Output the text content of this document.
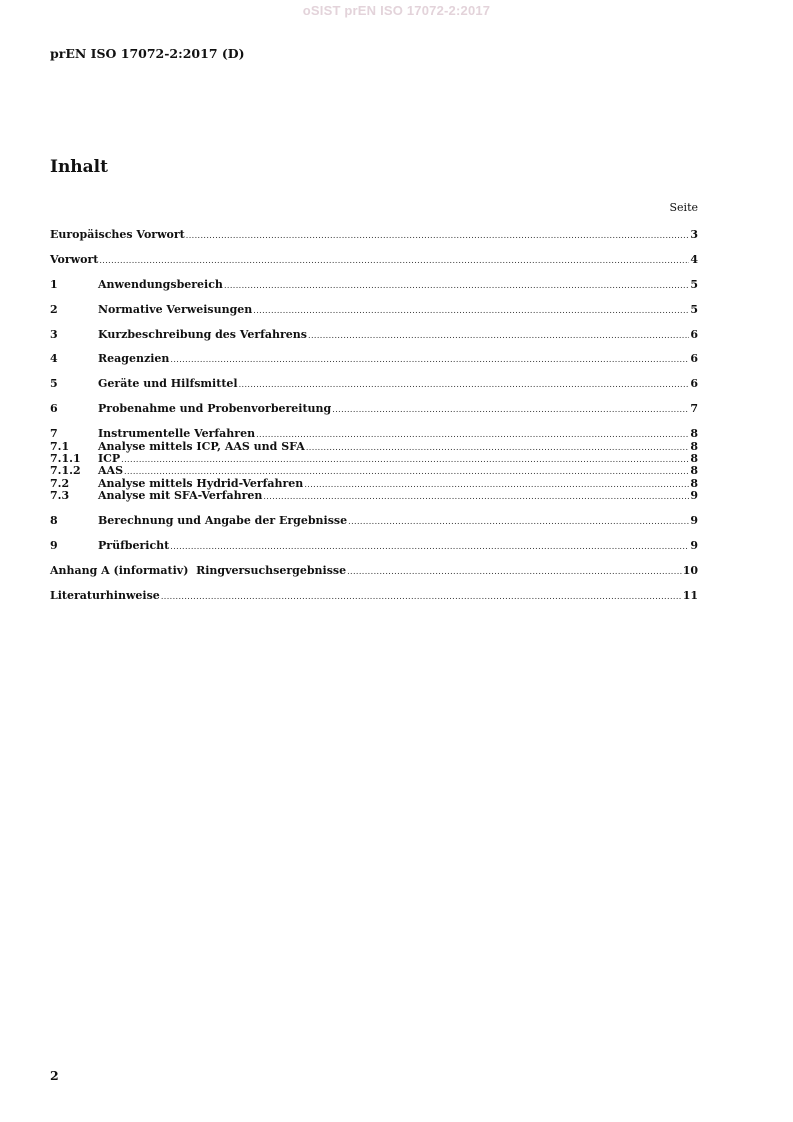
oSIST prEN ISO 17072-2:2017
prEN ISO 17072-2:2017 (D)
Inhalt
Seite
Europäisches Vorwort .....	3
Vorwort .....	4
1	Anwendungsbereich .....	5
2	Normative Verweisungen .....	5
3	Kurzbeschreibung des Verfahrens .....	6
4	Reagenzien .....	6
5	Geräte und Hilfsmittel .....	6
6	Probenahme und Probenvorbereitung .....	7
7	Instrumentelle Verfahren .....	8
7.1	Analyse mittels ICP, AAS und SFA .....	8
7.1.1	ICP .....	8
7.1.2	AAS .....	8
7.2	Analyse mittels Hydrid-Verfahren .....	8
7.3	Analyse mit SFA-Verfahren .....	9
8	Berechnung und Angabe der Ergebnisse .....	9
9	Prüfbericht .....	9
Anhang A (informativ)  Ringversuchsergebnisse .....	10
Literaturhinweise .....	11
2
